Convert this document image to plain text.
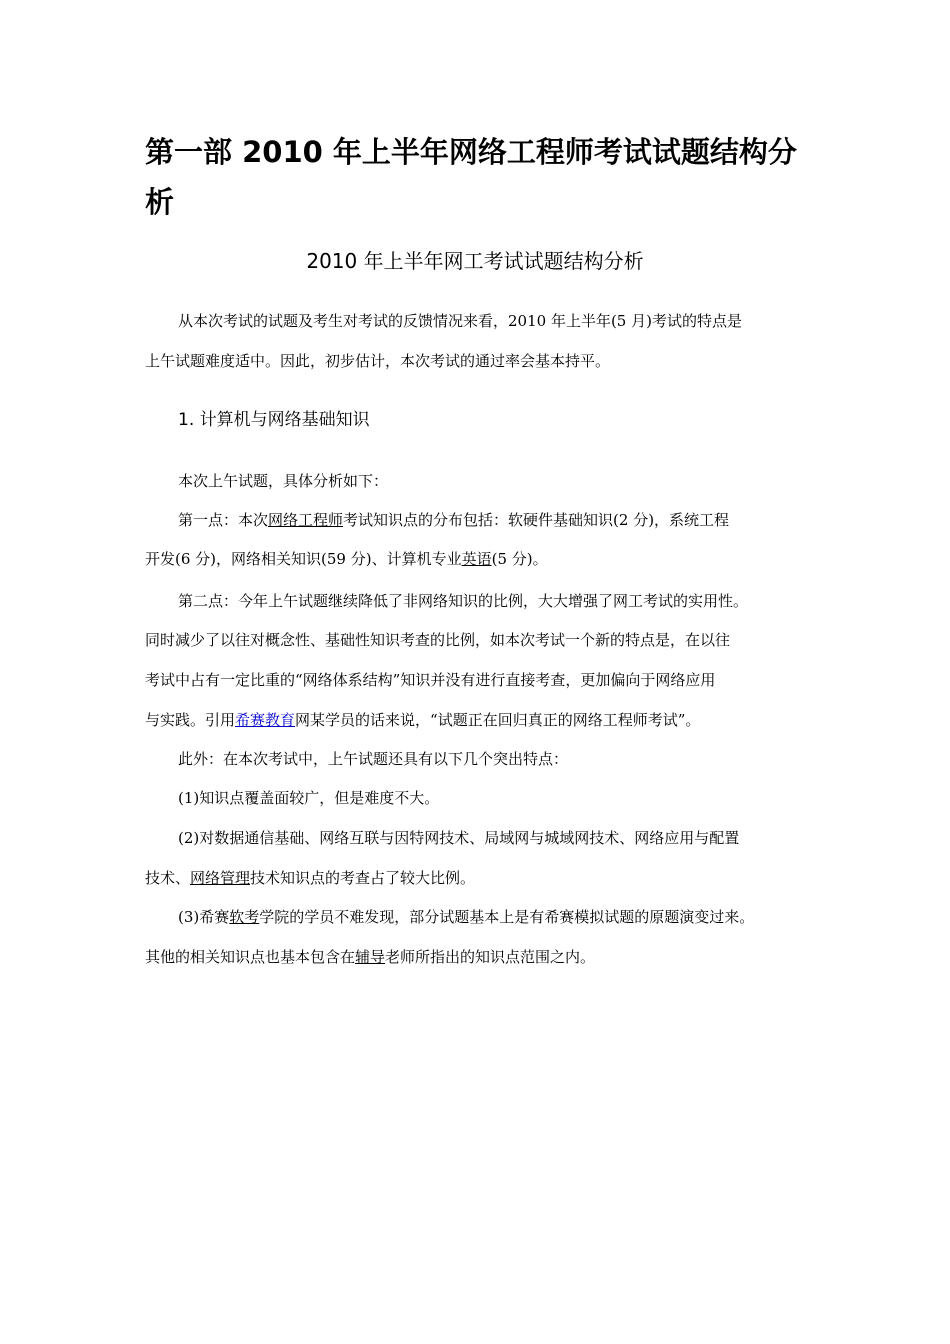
第一部 2010 年上半年网络工程师考试试题结构分
析
2010 年上半年网工考试试题结构分析
从本次考试的试题及考生对考试的反馈情况来看，2010 年上半年(5 月)考试的特点是
上午试题难度适中。因此，初步估计，本次考试的通过率会基本持平。
1. 计算机与网络基础知识
本次上午试题，具体分析如下：
第一点：本次网络工程师考试知识点的分布包括：软硬件基础知识(2 分)，系统工程
开发(6 分)，网络相关知识(59 分)、计算机专业英语(5 分)。
第二点：今年上午试题继续降低了非网络知识的比例，大大增强了网工考试的实用性。
同时减少了以往对概念性、基础性知识考查的比例，如本次考试一个新的特点是，在以往
考试中占有一定比重的“网络体系结构”知识并没有进行直接考查，更加偏向于网络应用
与实践。引用希赛教育网某学员的话来说，“试题正在回归真正的网络工程师考试”。
此外：在本次考试中，上午试题还具有以下几个突出特点：
(1)知识点覆盖面较广，但是难度不大。
(2)对数据通信基础、网络互联与因特网技术、局域网与城域网技术、网络应用与配置
技术、网络管理技术知识点的考查占了较大比例。
(3)希赛软考学院的学员不难发现，部分试题基本上是有希赛模拟试题的原题演变过来。
其他的相关知识点也基本包含在辅导老师所指出的知识点范围之内。
